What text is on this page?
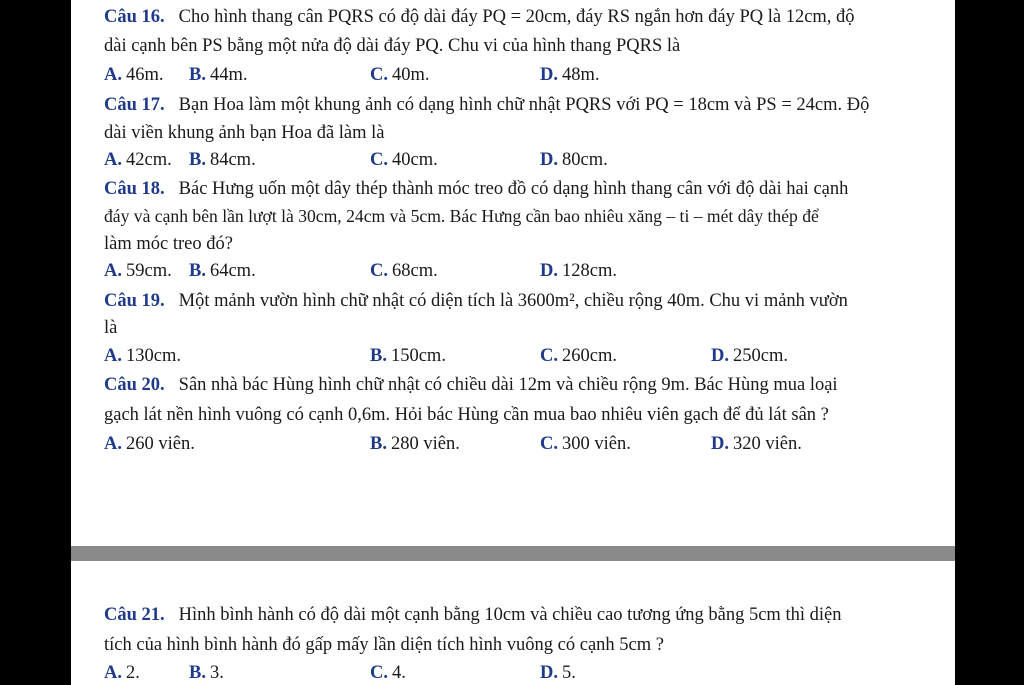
Câu 16. Cho hình thang cân PQRS có độ dài đáy PQ = 20cm, đáy RS ngắn hơn đáy PQ là 12cm, độ
dài cạnh bên PS bằng một nửa độ dài đáy PQ. Chu vi của hình thang PQRS là
A. 46m. B. 44m.	C. 40m.	D. 48m.
Câu 17. Bạn Hoa làm một khung ảnh có dạng hình chữ nhật PQRS với PQ = 18cm và PS = 24cm. Độ
dài viền khung ảnh bạn Hoa đã làm là
A. 42cm. B. 84cm.	C. 40cm.	D. 80cm.
Câu 18. Bác Hưng uốn một dây thép thành móc treo đồ có dạng hình thang cân với độ dài hai cạnh
đáy và cạnh bên lần lượt là 30cm, 24cm và 5cm. Bác Hưng cần bao nhiêu xăng – ti – mét dây thép để
làm móc treo đó?
A. 59cm. B. 64cm.	C. 68cm.	D. 128cm.
Câu 19. Một mảnh vườn hình chữ nhật có diện tích là 3600m², chiều rộng 40m. Chu vi mảnh vườn
là
A. 130cm.	B. 150cm.	C. 260cm.	D. 250cm.
Câu 20. Sân nhà bác Hùng hình chữ nhật có chiều dài 12m và chiều rộng 9m. Bác Hùng mua loại
gạch lát nền hình vuông có cạnh 0,6m. Hỏi bác Hùng cần mua bao nhiêu viên gạch để đủ lát sân ?
A. 260 viên.	B. 280 viên.	C. 300 viên.	D. 320 viên.
Câu 21. Hình bình hành có độ dài một cạnh bằng 10cm và chiều cao tương ứng bằng 5cm thì diện
tích của hình bình hành đó gấp mấy lần diện tích hình vuông có cạnh 5cm ?
A. 2.	B. 3.	C. 4.	D. 5.
